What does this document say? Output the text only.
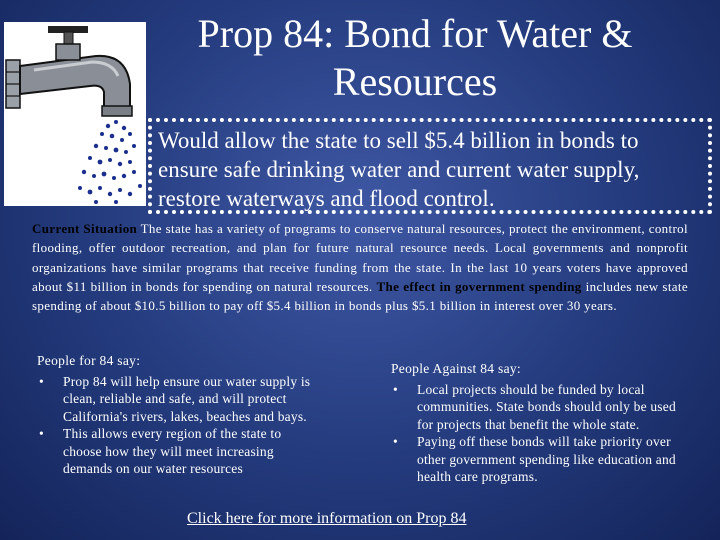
Prop 84: Bond for Water & Resources
Would allow the state to sell $5.4 billion in bonds to ensure safe drinking water and current water supply, restore waterways and flood control.

Current Situation The state has a variety of programs to conserve natural resources, protect the environment, control flooding, offer outdoor recreation, and plan for future natural resource needs. Local governments and nonprofit organizations have similar programs that receive funding from the state. In the last 10 years voters have approved about $11 billion in bonds for spending on natural resources. The effect in government spending includes new state spending of about $10.5 billion to pay off $5.4 billion in bonds plus $5.1 billion in interest over 30 years.

People for 84 say:
• Prop 84 will help ensure our water supply is clean, reliable and safe, and will protect California's rivers, lakes, beaches and bays.
• This allows every region of the state to choose how they will meet increasing demands on our water resources
People Against 84 say:
• Local projects should be funded by local communities. State bonds should only be used for projects that benefit the whole state.
• Paying off these bonds will take priority over other government spending like education and health care programs.
Click here for more information on Prop 84
